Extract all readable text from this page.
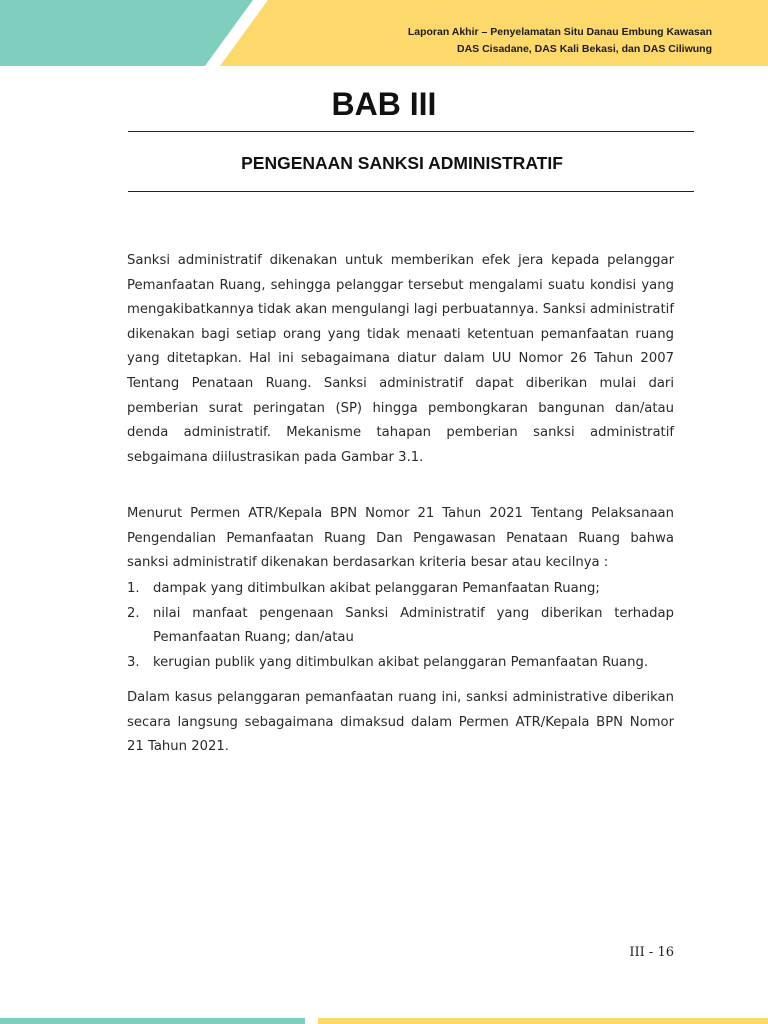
Laporan Akhir – Penyelamatan Situ Danau Embung Kawasan
DAS Cisadane, DAS Kali Bekasi, dan DAS Ciliwung
BAB III
PENGENAAN SANKSI ADMINISTRATIF

Sanksi administratif dikenakan untuk memberikan efek jera kepada pelanggar Pemanfaatan Ruang, sehingga pelanggar tersebut mengalami suatu kondisi yang mengakibatkannya tidak akan mengulangi lagi perbuatannya. Sanksi administratif dikenakan bagi setiap orang yang tidak menaati ketentuan pemanfaatan ruang yang ditetapkan. Hal ini sebagaimana diatur dalam UU Nomor 26 Tahun 2007 Tentang Penataan Ruang. Sanksi administratif dapat diberikan mulai dari pemberian surat peringatan (SP) hingga pembongkaran bangunan dan/atau denda administratif. Mekanisme tahapan pemberian sanksi administratif sebgaimana diilustrasikan pada Gambar 3.1.

Menurut Permen ATR/Kepala BPN Nomor 21 Tahun 2021 Tentang Pelaksanaan Pengendalian Pemanfaatan Ruang Dan Pengawasan Penataan Ruang bahwa sanksi administratif dikenakan berdasarkan kriteria besar atau kecilnya :

1. dampak yang ditimbulkan akibat pelanggaran Pemanfaatan Ruang;
2. nilai manfaat pengenaan Sanksi Administratif yang diberikan terhadap Pemanfaatan Ruang; dan/atau
3. kerugian publik yang ditimbulkan akibat pelanggaran Pemanfaatan Ruang.

Dalam kasus pelanggaran pemanfaatan ruang ini, sanksi administrative diberikan secara langsung sebagaimana dimaksud dalam Permen ATR/Kepala BPN Nomor 21 Tahun 2021.

III - 16
